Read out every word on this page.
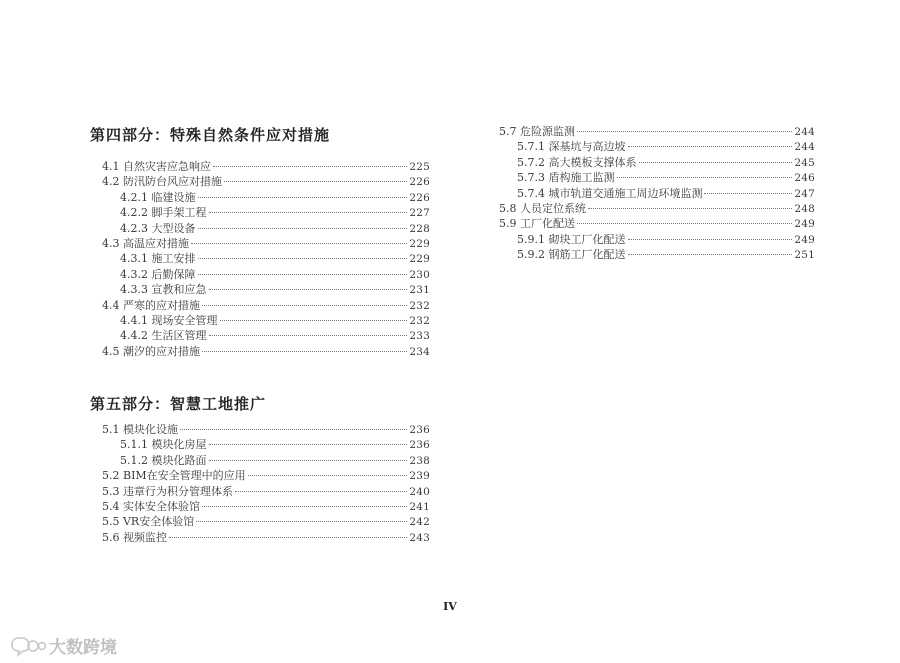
第四部分：特殊自然条件应对措施
4.1 自然灾害应急响应	225
4.2 防汛防台风应对措施	226
4.2.1 临建设施	226
4.2.2 脚手架工程	227
4.2.3 大型设备	228
4.3 高温应对措施	229
4.3.1 施工安排	229
4.3.2 后勤保障	230
4.3.3 宣教和应急	231
4.4 严寒的应对措施	232
4.4.1 现场安全管理	232
4.4.2 生活区管理	233
4.5 潮汐的应对措施	234
第五部分：智慧工地推广
5.1 模块化设施	236
5.1.1 模块化房屋	236
5.1.2 模块化路面	238
5.2 BIM在安全管理中的应用	239
5.3 违章行为积分管理体系	240
5.4 实体安全体验馆	241
5.5 VR安全体验馆	242
5.6 视频监控	243
5.7 危险源监测	244
5.7.1 深基坑与高边坡	244
5.7.2 高大模板支撑体系	245
5.7.3 盾构施工监测	246
5.7.4 城市轨道交通施工周边环境监测	247
5.8 人员定位系统	248
5.9 工厂化配送	249
5.9.1 砌块工厂化配送	249
5.9.2 钢筋工厂化配送	251
IV
大数跨境
